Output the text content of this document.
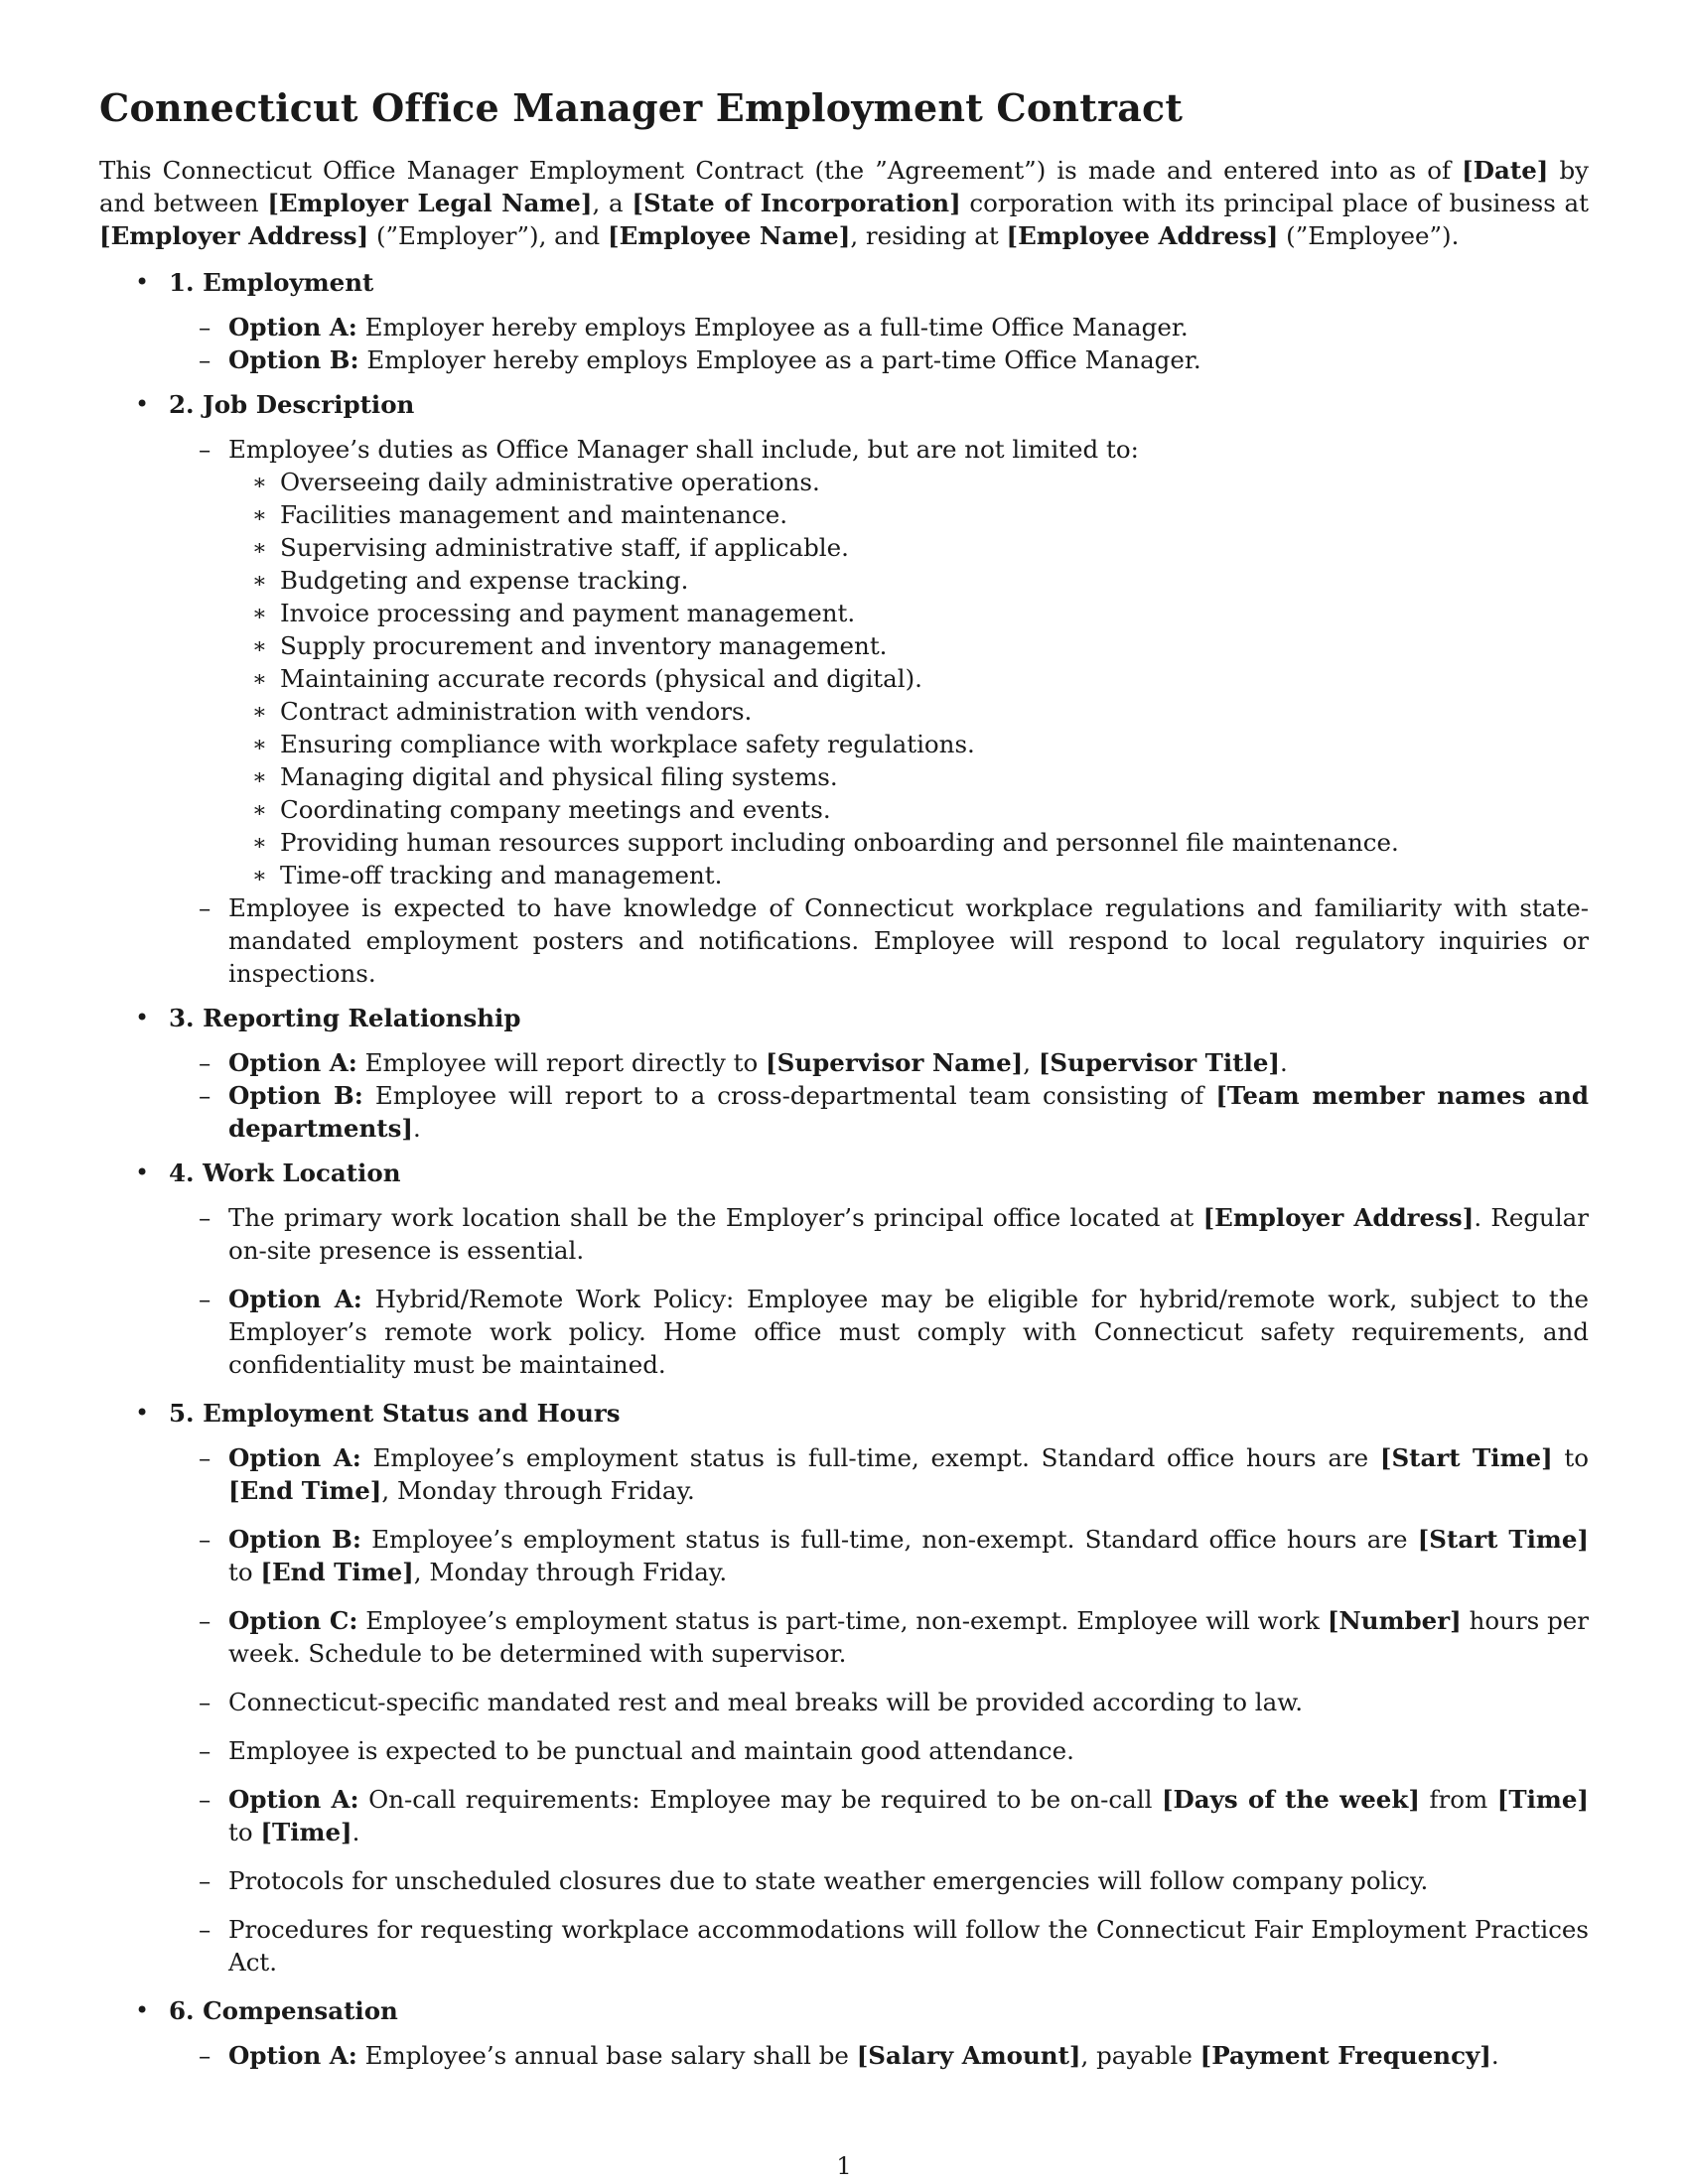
Connecticut Office Manager Employment Contract

This Connecticut Office Manager Employment Contract (the ”Agreement”) is made and entered into as of [Date] by and between [Employer Legal Name], a [State of Incorporation] corporation with its principal place of business at [Employer Address] (”Employer”), and [Employee Name], residing at [Employee Address] (”Employee”).

• 1. Employment
– Option A: Employer hereby employs Employee as a full-time Office Manager.
– Option B: Employer hereby employs Employee as a part-time Office Manager.
• 2. Job Description
– Employee’s duties as Office Manager shall include, but are not limited to:
∗ Overseeing daily administrative operations.
∗ Facilities management and maintenance.
∗ Supervising administrative staff, if applicable.
∗ Budgeting and expense tracking.
∗ Invoice processing and payment management.
∗ Supply procurement and inventory management.
∗ Maintaining accurate records (physical and digital).
∗ Contract administration with vendors.
∗ Ensuring compliance with workplace safety regulations.
∗ Managing digital and physical filing systems.
∗ Coordinating company meetings and events.
∗ Providing human resources support including onboarding and personnel file maintenance.
∗ Time-off tracking and management.
– Employee is expected to have knowledge of Connecticut workplace regulations and familiarity with state-mandated employment posters and notifications. Employee will respond to local regulatory inquiries or inspections.
• 3. Reporting Relationship
– Option A: Employee will report directly to [Supervisor Name], [Supervisor Title].
– Option B: Employee will report to a cross-departmental team consisting of [Team member names and departments].
• 4. Work Location
– The primary work location shall be the Employer’s principal office located at [Employer Address]. Regular on-site presence is essential.
– Option A: Hybrid/Remote Work Policy: Employee may be eligible for hybrid/remote work, subject to the Employer’s remote work policy. Home office must comply with Connecticut safety requirements, and confidentiality must be maintained.
• 5. Employment Status and Hours
– Option A: Employee’s employment status is full-time, exempt. Standard office hours are [Start Time] to [End Time], Monday through Friday.
– Option B: Employee’s employment status is full-time, non-exempt. Standard office hours are [Start Time] to [End Time], Monday through Friday.
– Option C: Employee’s employment status is part-time, non-exempt. Employee will work [Number] hours per week. Schedule to be determined with supervisor.
– Connecticut-specific mandated rest and meal breaks will be provided according to law.
– Employee is expected to be punctual and maintain good attendance.
– Option A: On-call requirements: Employee may be required to be on-call [Days of the week] from [Time] to [Time].
– Protocols for unscheduled closures due to state weather emergencies will follow company policy.
– Procedures for requesting workplace accommodations will follow the Connecticut Fair Employment Practices Act.
• 6. Compensation
– Option A: Employee’s annual base salary shall be [Salary Amount], payable [Payment Frequency].
1
